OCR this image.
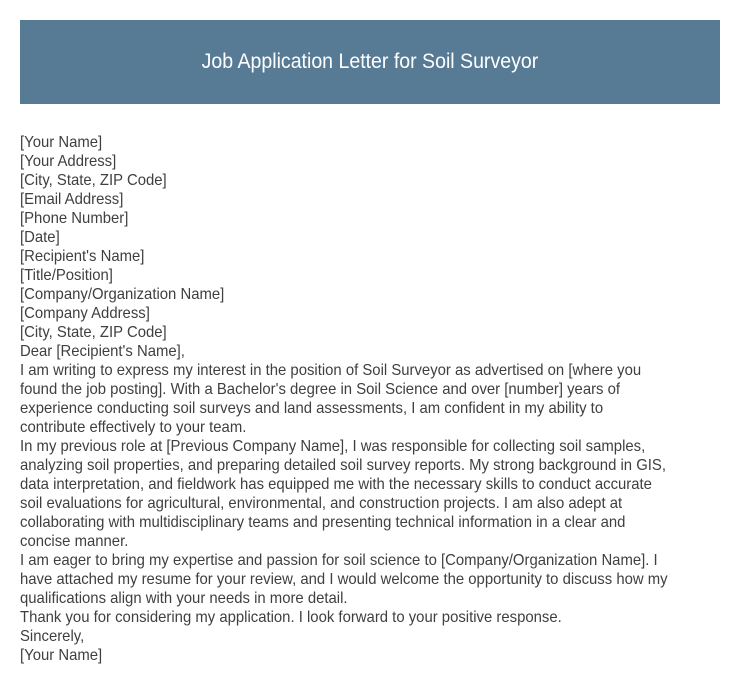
Job Application Letter for Soil Surveyor
[Your Name]
[Your Address]
[City, State, ZIP Code]
[Email Address]
[Phone Number]
[Date]
[Recipient's Name]
[Title/Position]
[Company/Organization Name]
[Company Address]
[City, State, ZIP Code]
Dear [Recipient's Name],
I am writing to express my interest in the position of Soil Surveyor as advertised on [where you
found the job posting]. With a Bachelor's degree in Soil Science and over [number] years of
experience conducting soil surveys and land assessments, I am confident in my ability to
contribute effectively to your team.
In my previous role at [Previous Company Name], I was responsible for collecting soil samples,
analyzing soil properties, and preparing detailed soil survey reports. My strong background in GIS,
data interpretation, and fieldwork has equipped me with the necessary skills to conduct accurate
soil evaluations for agricultural, environmental, and construction projects. I am also adept at
collaborating with multidisciplinary teams and presenting technical information in a clear and
concise manner.
I am eager to bring my expertise and passion for soil science to [Company/Organization Name]. I
have attached my resume for your review, and I would welcome the opportunity to discuss how my
qualifications align with your needs in more detail.
Thank you for considering my application. I look forward to your positive response.
Sincerely,
[Your Name]
